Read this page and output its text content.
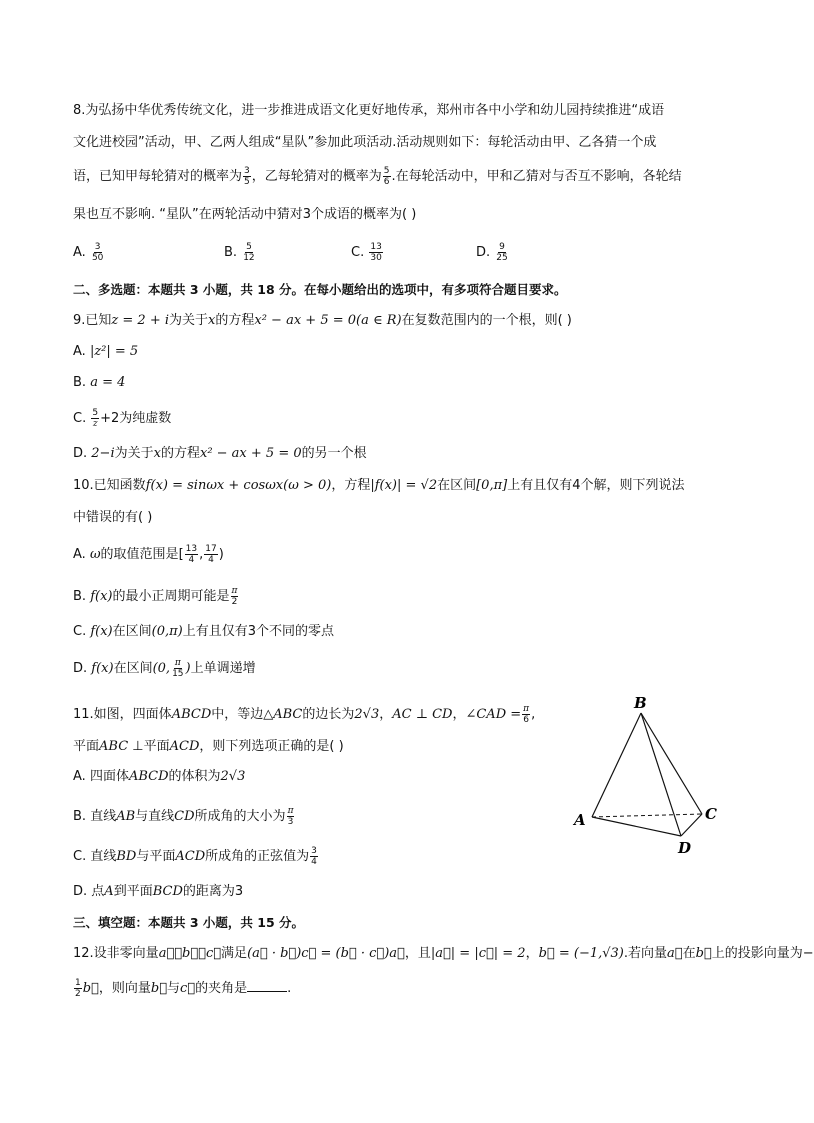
8.为弘扬中华优秀传统文化，进一步推进成语文化更好地传承，郑州市各中小学和幼儿园持续推进“成语
文化进校园”活动，甲、乙两人组成“星队”参加此项活动.活动规则如下：每轮活动由甲、乙各猜一个成
语，已知甲每轮猜对的概率为 $\frac{3}{5}$ ，乙每轮猜对的概率为 $\frac{5}{6}$ .在每轮活动中，甲和乙猜对与否互不影响，各轮结
果也互不影响. “星队”在两轮活动中猜对3个成语的概率为( )
A. $\frac{3}{50}$	B. $\frac{5}{12}$	C. $\frac{13}{30}$	D. $\frac{9}{25}$
二、多选题：本题共 3 小题，共 18 分。在每小题给出的选项中，有多项符合题目要求。
9.已知z = 2 + i为关于x的方程x² − ax + 5 = 0(a ∈ R)在复数范围内的一个根，则( )
A. |z²| = 5
B. a = 4
C. $\frac{5}{z} +2$为纯虚数
D. 2−i为关于x的方程x² − ax + 5 = 0的另一个根
10.已知函数f(x) = sinωx + cosωx(ω > 0)，方程|f(x)| = √2在区间[0,π]上有且仅有4个解，则下列说法
中错误的有( )
A. ω的取值范围是[ $\frac{13}{4}$ , $\frac{17}{4}$ )
B. f(x)的最小正周期可能是 $\frac{\pi}{2}$
C. f(x)在区间(0,π)上有且仅有3个不同的零点
D. f(x)在区间(0, $\frac{\pi}{15}$ )上单调递增
11.如图，四面体ABCD中，等边△ABC的边长为2√3，AC ⊥ CD，∠CAD = $\frac{\pi}{6}$ ,
平面ABC ⊥平面ACD，则下列选项正确的是( )
A. 四面体ABCD的体积为2√3
B. 直线AB与直线CD所成角的大小为 $\frac{\pi}{3}$
C. 直线BD与平面ACD所成角的正弦值为 $\frac{3}{4}$
D. 点A到平面BCD的距离为3
B
A	C
D
三、填空题：本题共 3 小题，共 15 分。
12.设非零向量a⃗，b⃗，c⃗满足(a⃗ · b⃗)c⃗ = (b⃗ · c⃗)a⃗，且|a⃗| = |c⃗| = 2，b⃗ = (−1,√3).若向量a⃗在b⃗上的投影向量为−
$\frac{1}{2}$ b⃗，则向量b⃗与c⃗的夹角是	.
